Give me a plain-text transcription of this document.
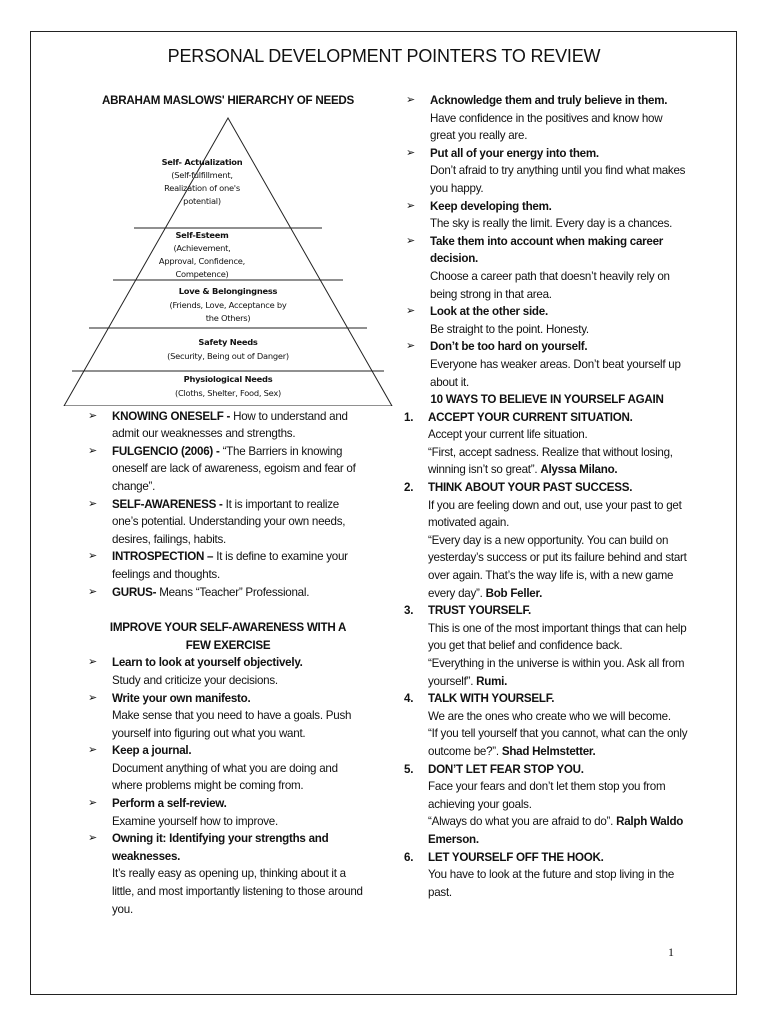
PERSONAL DEVELOPMENT POINTERS TO REVIEW
ABRAHAM MASLOWS' HIERARCHY OF NEEDS
Self- Actualization
(Self-fulfillment,
Realization of one's
potential)
Self-Esteem
(Achievement,
Approval, Confidence,
Competence)
Love & Belongingness
(Friends, Love, Acceptance by
the Others)
Safety Needs
(Security, Being out of Danger)
Physiological Needs
(Cloths, Shelter, Food, Sex)
➢ KNOWING ONESELF - How to understand and admit our weaknesses and strengths.
➢ FULGENCIO (2006) - “The Barriers in knowing oneself are lack of awareness, egoism and fear of change”.
➢ SELF-AWARENESS - It is important to realize one’s potential. Understanding your own needs, desires, failings, habits.
➢ INTROSPECTION – It is define to examine your feelings and thoughts.
➢ GURUS- Means “Teacher” Professional.
IMPROVE YOUR SELF-AWARENESS WITH A FEW EXERCISE
➢ Learn to look at yourself objectively.
Study and criticize your decisions.
➢ Write your own manifesto.
Make sense that you need to have a goals. Push yourself into figuring out what you want.
➢ Keep a journal.
Document anything of what you are doing and where problems might be coming from.
➢ Perform a self-review.
Examine yourself how to improve.
➢ Owning it: Identifying your strengths and weaknesses.
It’s really easy as opening up, thinking about it a little, and most importantly listening to those around you.
➢ Acknowledge them and truly believe in them.
Have confidence in the positives and know how great you really are.
➢ Put all of your energy into them.
Don’t afraid to try anything until you find what makes you happy.
➢ Keep developing them.
The sky is really the limit. Every day is a chances.
➢ Take them into account when making career decision.
Choose a career path that doesn’t heavily rely on being strong in that area.
➢ Look at the other side.
Be straight to the point. Honesty.
➢ Don’t be too hard on yourself.
Everyone has weaker areas. Don’t beat yourself up about it.
10 WAYS TO BELIEVE IN YOURSELF AGAIN
1. ACCEPT YOUR CURRENT SITUATION.
Accept your current life situation.
“First, accept sadness. Realize that without losing, winning isn’t so great”. Alyssa Milano.
2. THINK ABOUT YOUR PAST SUCCESS.
If you are feeling down and out, use your past to get motivated again.
“Every day is a new opportunity. You can build on yesterday’s success or put its failure behind and start over again. That’s the way life is, with a new game every day”. Bob Feller.
3. TRUST YOURSELF.
This is one of the most important things that can help you get that belief and confidence back.
“Everything in the universe is within you. Ask all from yourself”. Rumi.
4. TALK WITH YOURSELF.
We are the ones who create who we will become.
“If you tell yourself that you cannot, what can the only outcome be?”. Shad Helmstetter.
5. DON’T LET FEAR STOP YOU.
Face your fears and don’t let them stop you from achieving your goals.
“Always do what you are afraid to do”. Ralph Waldo Emerson.
6. LET YOURSELF OFF THE HOOK.
You have to look at the future and stop living in the past.
1
